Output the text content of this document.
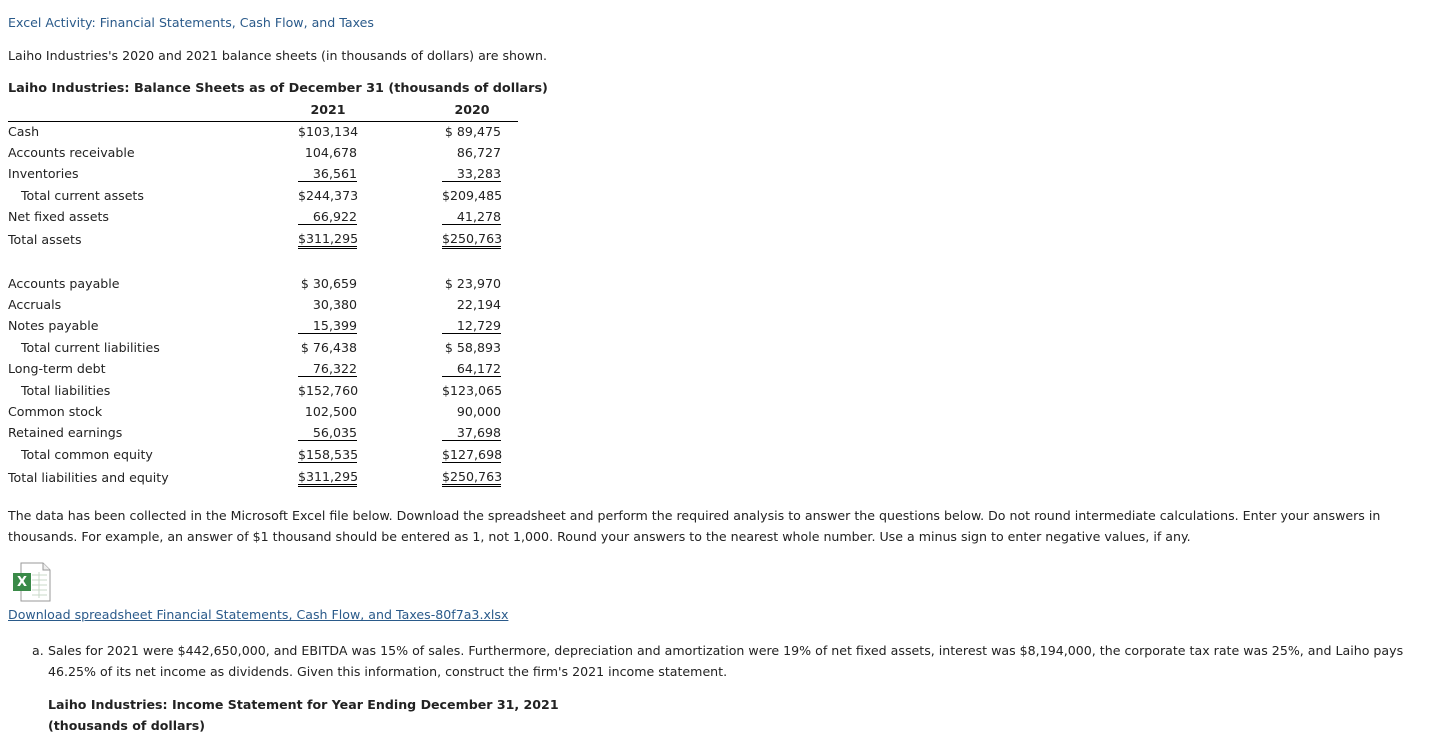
Excel Activity: Financial Statements, Cash Flow, and Taxes
Laiho Industries's 2020 and 2021 balance sheets (in thousands of dollars) are shown.
Laiho Industries: Balance Sheets as of December 31 (thousands of dollars)
2021	2020
Cash	$103,134	$ 89,475
Accounts receivable	104,678	86,727
Inventories	36,561	33,283
Total current assets	$244,373	$209,485
Net fixed assets	66,922	41,278
Total assets	$311,295	$250,763
Accounts payable	$ 30,659	$ 23,970
Accruals	30,380	22,194
Notes payable	15,399	12,729
Total current liabilities	$ 76,438	$ 58,893
Long-term debt	76,322	64,172
Total liabilities	$152,760	$123,065
Common stock	102,500	90,000
Retained earnings	56,035	37,698
Total common equity	$158,535	$127,698
Total liabilities and equity	$311,295	$250,763
The data has been collected in the Microsoft Excel file below. Download the spreadsheet and perform the required analysis to answer the questions below. Do not round intermediate calculations. Enter your answers in thousands. For example, an answer of $1 thousand should be entered as 1, not 1,000. Round your answers to the nearest whole number. Use a minus sign to enter negative values, if any.
X
Download spreadsheet Financial Statements, Cash Flow, and Taxes-80f7a3.xlsx
a. Sales for 2021 were $442,650,000, and EBITDA was 15% of sales. Furthermore, depreciation and amortization were 19% of net fixed assets, interest was $8,194,000, the corporate tax rate was 25%, and Laiho pays 46.25% of its net income as dividends. Given this information, construct the firm's 2021 income statement.
Laiho Industries: Income Statement for Year Ending December 31, 2021
(thousands of dollars)
